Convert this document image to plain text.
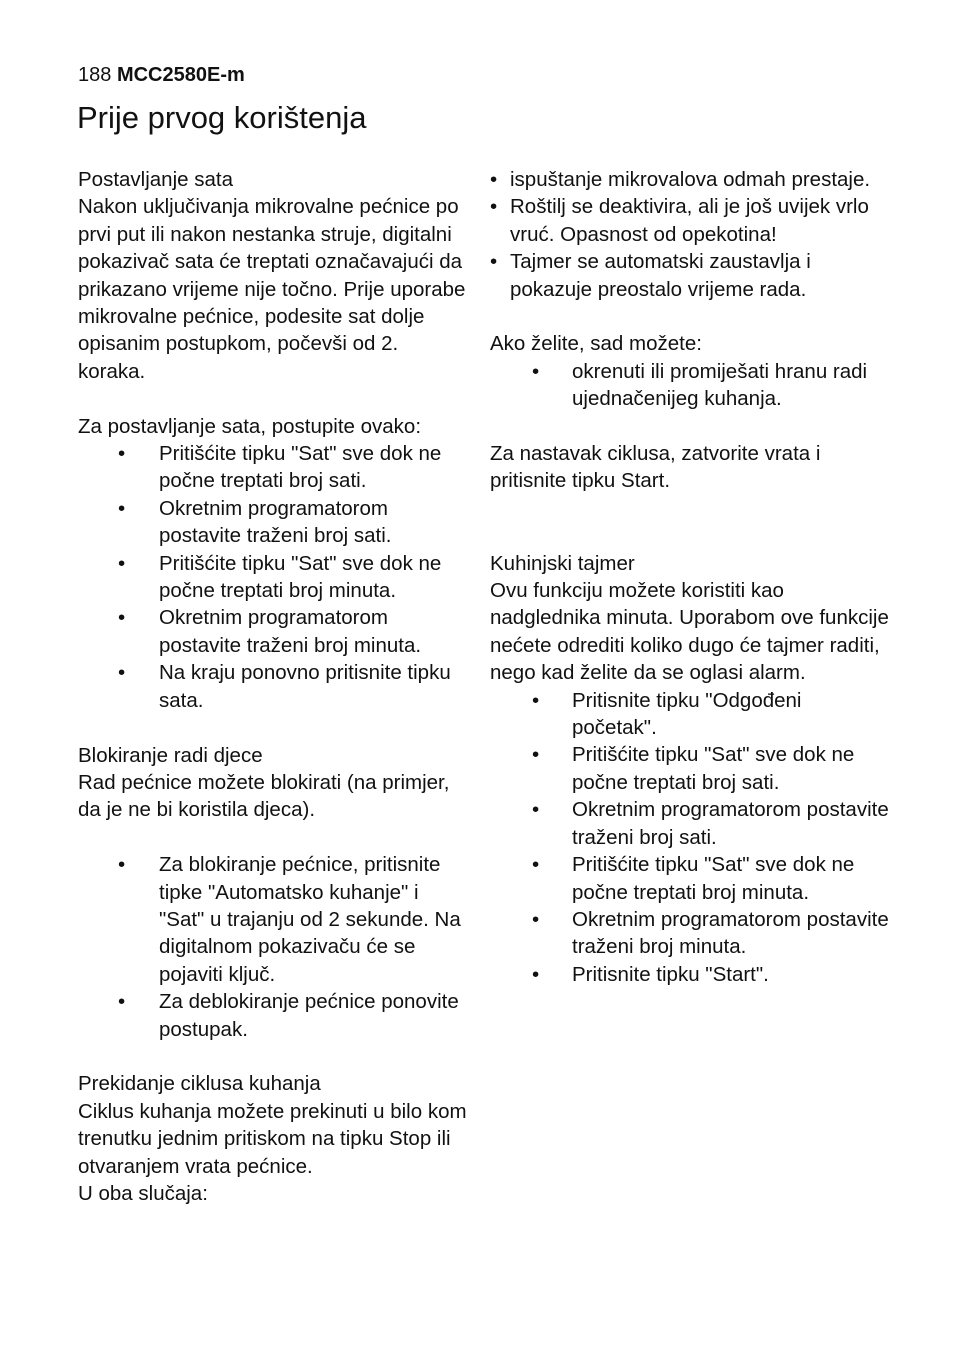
188 MCC2580E-m
Prije prvog korištenja

Postavljanje sata

Nakon uključivanja mikrovalne pećnice po prvi put ili nakon nestanka struje, digitalni pokazivač sata će treptati označavajući da prikazano vrijeme nije točno. Prije uporabe mikrovalne pećnice, podesite sat dolje opisanim postupkom, počevši od 2. koraka.

Za postavljanje sata, postupite ovako:

• Pritišćite tipku "Sat" sve dok ne počne treptati broj sati.
• Okretnim programatorom postavite traženi broj sati.
• Pritišćite tipku "Sat" sve dok ne počne treptati broj minuta.
• Okretnim programatorom postavite traženi broj minuta.
• Na kraju ponovno pritisnite tipku sata.

Blokiranje radi djece

Rad pećnice možete blokirati (na primjer, da je ne bi koristila djeca).

• Za blokiranje pećnice, pritisnite tipke "Automatsko kuhanje" i "Sat" u trajanju od 2 sekunde. Na digitalnom pokazivaču će se pojaviti ključ.
• Za deblokiranje pećnice ponovite postupak.

Prekidanje ciklusa kuhanja

Ciklus kuhanja možete prekinuti u bilo kom trenutku jednim pritiskom na tipku Stop ili otvaranjem vrata pećnice.

U oba slučaja:

• ispuštanje mikrovalova odmah prestaje.
• Roštilj se deaktivira, ali je još uvijek vrlo vruć. Opasnost od opekotina!
• Tajmer se automatski zaustavlja i pokazuje preostalo vrijeme rada.

Ako želite, sad možete:

• okrenuti ili promiješati hranu radi ujednačenijeg kuhanja.

Za nastavak ciklusa, zatvorite vrata i pritisnite tipku Start.

Kuhinjski tajmer

Ovu funkciju možete koristiti kao nadglednika minuta. Uporabom ove funkcije nećete odrediti koliko dugo će tajmer raditi, nego kad želite da se oglasi alarm.

• Pritisnite tipku "Odgođeni početak".
• Pritišćite tipku "Sat" sve dok ne počne treptati broj sati.
• Okretnim programatorom postavite traženi broj sati.
• Pritišćite tipku "Sat" sve dok ne počne treptati broj minuta.
• Okretnim programatorom postavite traženi broj minuta.
• Pritisnite tipku "Start".
